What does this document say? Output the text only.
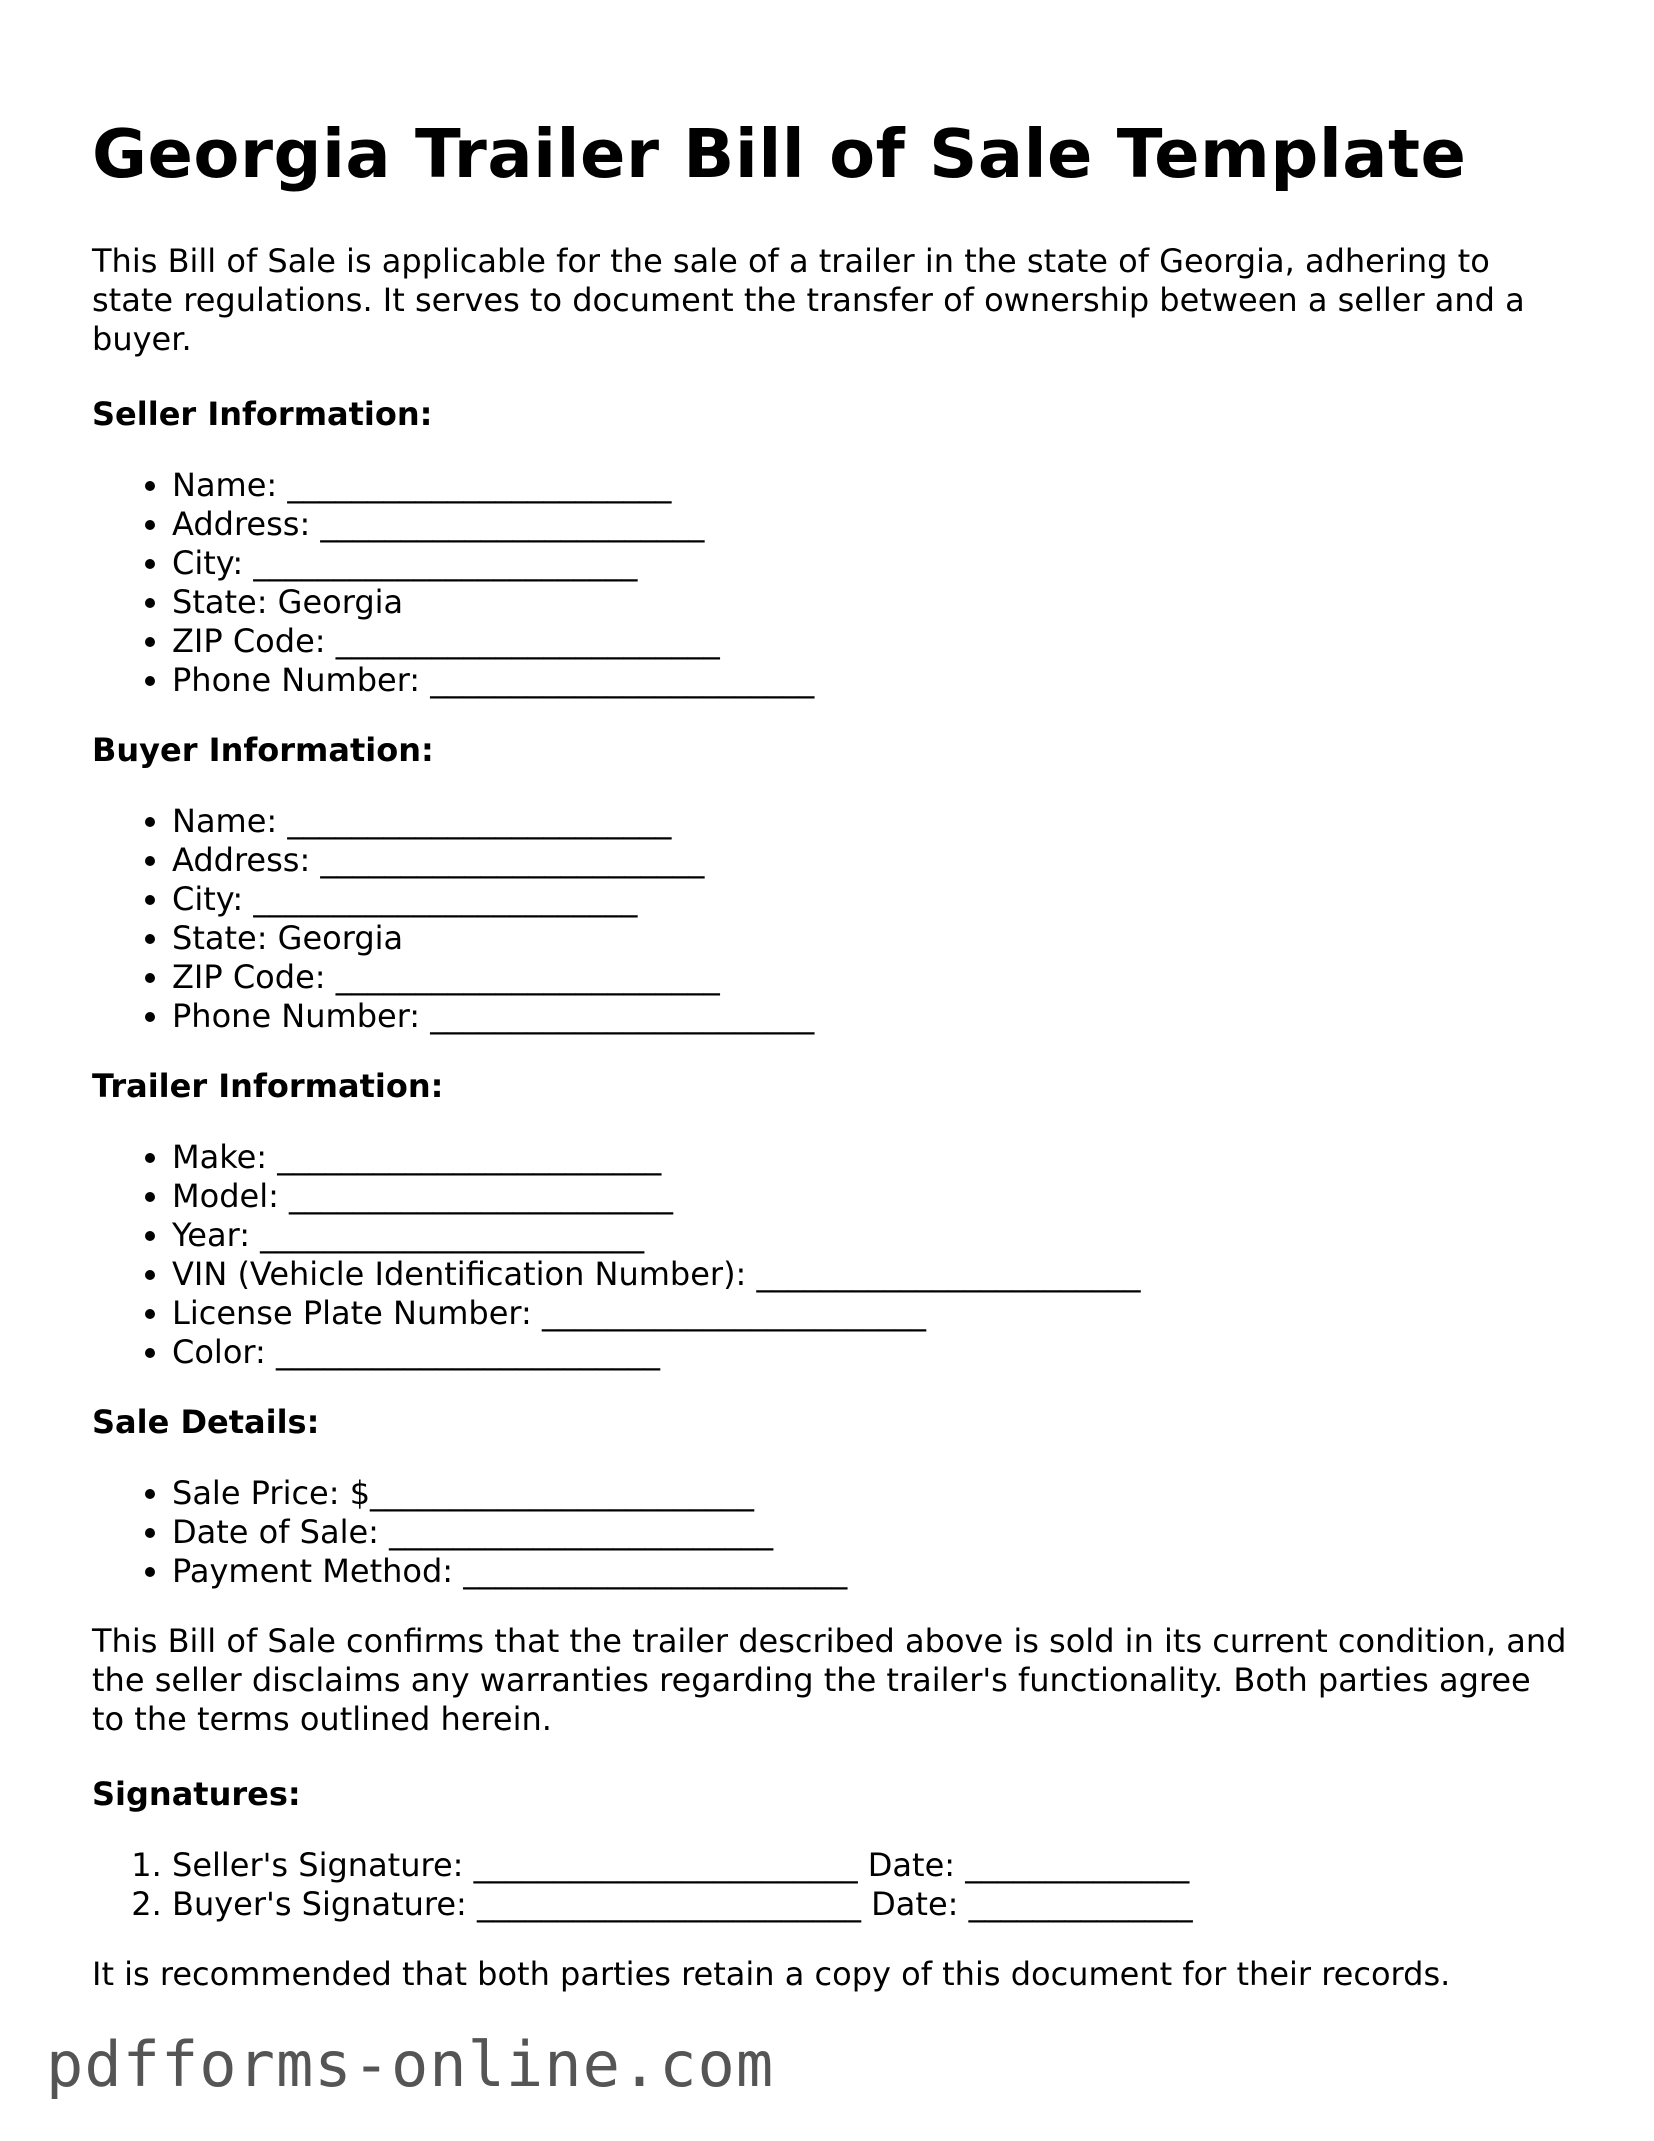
Georgia Trailer Bill of Sale Template

This Bill of Sale is applicable for the sale of a trailer in the state of Georgia, adhering to state regulations. It serves to document the transfer of ownership between a seller and a buyer.

Seller Information:
• Name: ________________________
• Address: ________________________
• City: ________________________
• State: Georgia
• ZIP Code: ________________________
• Phone Number: ________________________
Buyer Information:
• Name: ________________________
• Address: ________________________
• City: ________________________
• State: Georgia
• ZIP Code: ________________________
• Phone Number: ________________________
Trailer Information:
• Make: ________________________
• Model: ________________________
• Year: ________________________
• VIN (Vehicle Identification Number): ________________________
• License Plate Number: ________________________
• Color: ________________________
Sale Details:
• Sale Price: $________________________
• Date of Sale: ________________________
• Payment Method: ________________________

This Bill of Sale confirms that the trailer described above is sold in its current condition, and the seller disclaims any warranties regarding the trailer's functionality. Both parties agree to the terms outlined herein.

Signatures:
1. Seller's Signature: ________________________ Date: ______________
2. Buyer's Signature: ________________________ Date: ______________

It is recommended that both parties retain a copy of this document for their records.

pdfforms-online.com
